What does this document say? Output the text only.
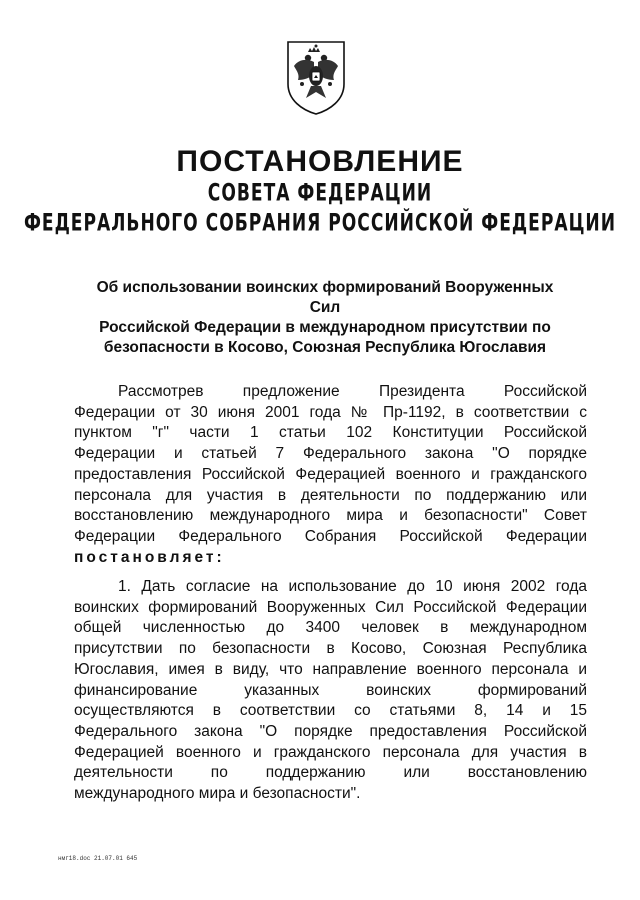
ПОСТАНОВЛЕНИЕ
СОВЕТА ФЕДЕРАЦИИ
ФЕДЕРАЛЬНОГО СОБРАНИЯ РОССИЙСКОЙ ФЕДЕРАЦИИ
Об использовании воинских формирований Вооруженных Сил
Российской Федерации в международном присутствии по
безопасности в Косово, Союзная Республика Югославия
Рассмотрев предложение Президента Российской
Федерации от 30 июня 2001 года № Пр-1192, в соответствии с
пунктом "г" части 1 статьи 102 Конституции Российской
Федерации и статьей 7 Федерального закона "О порядке
предоставления Российской Федерацией военного и гражданского
персонала для участия в деятельности по поддержанию или
восстановлению международного мира и безопасности" Совет
Федерации Федерального Собрания Российской Федерации
постановляет:
1. Дать согласие на использование до 10 июня 2002 года
воинских формирований Вооруженных Сил Российской Федерации
общей численностью до 3400 человек в международном
присутствии по безопасности в Косово, Союзная Республика
Югославия, имея в виду, что направление военного персонала и
финансирование указанных воинских формирований
осуществляются в соответствии со статьями 8, 14 и 15
Федерального закона "О порядке предоставления Российской
Федерацией военного и гражданского персонала для участия в
деятельности по поддержанию или восстановлению
международного мира и безопасности".
нмг18.doc 21.07.01 645
